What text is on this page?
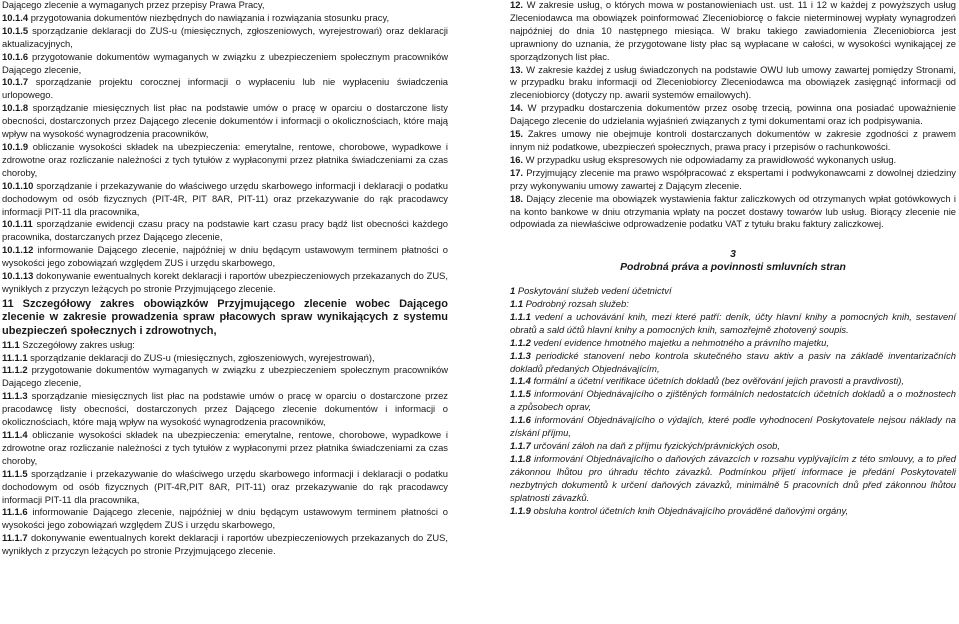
Dającego zlecenie a wymaganych przez przepisy Prawa Pracy,

10.1.4 przygotowania dokumentów niezbędnych do nawiązania i rozwiązania stosunku pracy,

10.1.5 sporządzanie deklaracji do ZUS-u (miesięcznych, zgłoszeniowych, wyrejestrowań) oraz deklaracji aktualizacyjnych,

10.1.6 przygotowanie dokumentów wymaganych w związku z ubezpieczeniem społecznym pracowników Dającego zlecenie,

10.1.7 sporządzanie projektu corocznej informacji o wypłaceniu lub nie wypłaceniu świadczenia urlopowego.

10.1.8 sporządzanie miesięcznych list płac na podstawie umów o pracę w oparciu o dostarczone listy obecności, dostarczonych przez Dającego zlecenie dokumentów i informacji o okolicznościach, które mają wpływ na wysokość wynagrodzenia pracowników,

10.1.9 obliczanie wysokości składek na ubezpieczenia: emerytalne, rentowe, chorobowe, wypadkowe i zdrowotne oraz rozliczanie należności z tych tytułów z wypłaconymi przez płatnika świadczeniami za czas choroby,

10.1.10 sporządzanie i przekazywanie do właściwego urzędu skarbowego informacji i deklaracji o podatku dochodowym od osób fizycznych (PIT-4R, PIT 8AR, PIT-11) oraz przekazywanie do rąk pracodawcy informacji PIT-11 dla pracownika,

10.1.11 sporządzanie ewidencji czasu pracy na podstawie kart czasu pracy bądź list obecności każdego pracownika, dostarczanych przez Dającego zlecenie,

10.1.12 informowanie Dającego zlecenie, najpóźniej w dniu będącym ustawowym terminem płatności o wysokości jego zobowiązań względem ZUS i urzędu skarbowego,

10.1.13 dokonywanie ewentualnych korekt deklaracji i raportów ubezpieczeniowych przekazanych do ZUS, wynikłych z przyczyn leżących po stronie Przyjmującego zlecenie.

11 Szczegółowy zakres obowiązków Przyjmującego zlecenie wobec Dającego zlecenie w zakresie prowadzenia spraw płacowych spraw wynikających z systemu ubezpieczeń społecznych i zdrowotnych,

11.1 Szczegółowy zakres usług:

11.1.1 sporządzanie deklaracji do ZUS-u (miesięcznych, zgłoszeniowych, wyrejestrowań),

11.1.2 przygotowanie dokumentów wymaganych w związku z ubezpieczeniem społecznym pracowników Dającego zlecenie,

11.1.3 sporządzanie miesięcznych list płac na podstawie umów o pracę w oparciu o dostarczone przez pracodawcę listy obecności, dostarczonych przez Dającego zlecenie dokumentów i informacji o okolicznościach, które mają wpływ na wysokość wynagrodzenia pracowników,

11.1.4 obliczanie wysokości składek na ubezpieczenia: emerytalne, rentowe, chorobowe, wypadkowe i zdrowotne oraz rozliczanie należności z tych tytułów z wypłaconymi przez płatnika świadczeniami za czas choroby,

11.1.5 sporządzanie i przekazywanie do właściwego urzędu skarbowego informacji i deklaracji o podatku dochodowym od osób fizycznych (PIT-4R,PIT 8AR, PIT-11) oraz przekazywanie do rąk pracodawcy informacji PIT-11 dla pracownika,

11.1.6 informowanie Dającego zlecenie, najpóźniej w dniu będącym ustawowym terminem płatności o wysokości jego zobowiązań względem ZUS i urzędu skarbowego,

11.1.7 dokonywanie ewentualnych korekt deklaracji i raportów ubezpieczeniowych przekazanych do ZUS, wynikłych z przyczyn leżących po stronie Przyjmującego zlecenie.

12. W zakresie usług, o których mowa w postanowieniach ust. ust. 11 i 12 w każdej z powyższych usług Zleceniodawca ma obowiązek poinformować Zleceniobiorcę o fakcie nieterminowej wypłaty wynagrodzeń najpóźniej do dnia 10 następnego miesiąca. W braku takiego zawiadomienia Zleceniobiorca jest uprawniony do uznania, że przygotowane listy płac są wypłacane w całości, w wysokości wynikającej ze sporządzonych list płac.

13. W zakresie każdej z usług świadczonych na podstawie OWU lub umowy zawartej pomiędzy Stronami, w przypadku braku informacji od Zleceniobiorcy Zleceniodawca ma obowiązek zasięgnąć informacji od zleceniobiorcy (dotyczy np. awarii systemów emailowych).

14. W przypadku dostarczenia dokumentów przez osobę trzecią, powinna ona posiadać upoważnienie Dającego zlecenie do udzielania wyjaśnień związanych z tymi dokumentami oraz ich podpisywania.

15. Zakres umowy nie obejmuje kontroli dostarczanych dokumentów w zakresie zgodności z prawem innym niż podatkowe, ubezpieczeń społecznych, prawa pracy i przepisów o rachunkowości.

16. W przypadku usług ekspresowych nie odpowiadamy za prawidłowość wykonanych usług.

17. Przyjmujący zlecenie ma prawo współpracować z ekspertami i podwykonawcami z dowolnej dziedziny przy wykonywaniu umowy zawartej z Dającym zlecenie.

18. Dający zlecenie ma obowiązek wystawienia faktur zaliczkowych od otrzymanych wpłat gotówkowych i na konto bankowe w dniu otrzymania wpłaty na poczet dostawy towarów lub usług. Biorący zlecenie nie odpowiada za niewłaściwe odprowadzenie podatku VAT z tytułu braku faktury zaliczkowej.

3

Podrobná práva a povinnosti smluvních stran

1 Poskytování služeb vedení účetnictví

1.1 Podrobný rozsah služeb:

1.1.1 vedení a uchovávání knih, mezi které patří: deník, účty hlavní knihy a pomocných knih, sestavení obratů a sald účtů hlavní knihy a pomocných knih, samozřejmě zhotovený soupis.

1.1.2 vedení evidence hmotného majetku a nehmotného a právního majetku,

1.1.3 periodické stanovení nebo kontrola skutečného stavu aktiv a pasiv na základě inventarizačních dokladů předaných Objednávajícím,

1.1.4 formální a účetní verifikace účetních dokladů (bez ověřování jejich pravosti a pravdivosti),

1.1.5 informování Objednávajícího o zjištěných formálních nedostatcích účetních dokladů a o možnostech a způsobech oprav,

1.1.6 informování Objednávajícího o výdajích, které podle vyhodnocení Poskytovatele nejsou náklady na získání příjmu,

1.1.7 určování záloh na daň z příjmu fyzických/právnických osob,

1.1.8 informování Objednávajícího o daňových závazcích v rozsahu vyplývajícím z této smlouvy, a to před zákonnou lhůtou pro úhradu těchto závazků. Podmínkou přijetí informace je předání Poskytovateli nezbytných dokumentů k určení daňových závazků, minimálně 5 pracovních dnů před zákonnou lhůtou splatnosti závazků.

1.1.9 obsluha kontrol účetních knih Objednávajícího prováděné daňovými orgány,
